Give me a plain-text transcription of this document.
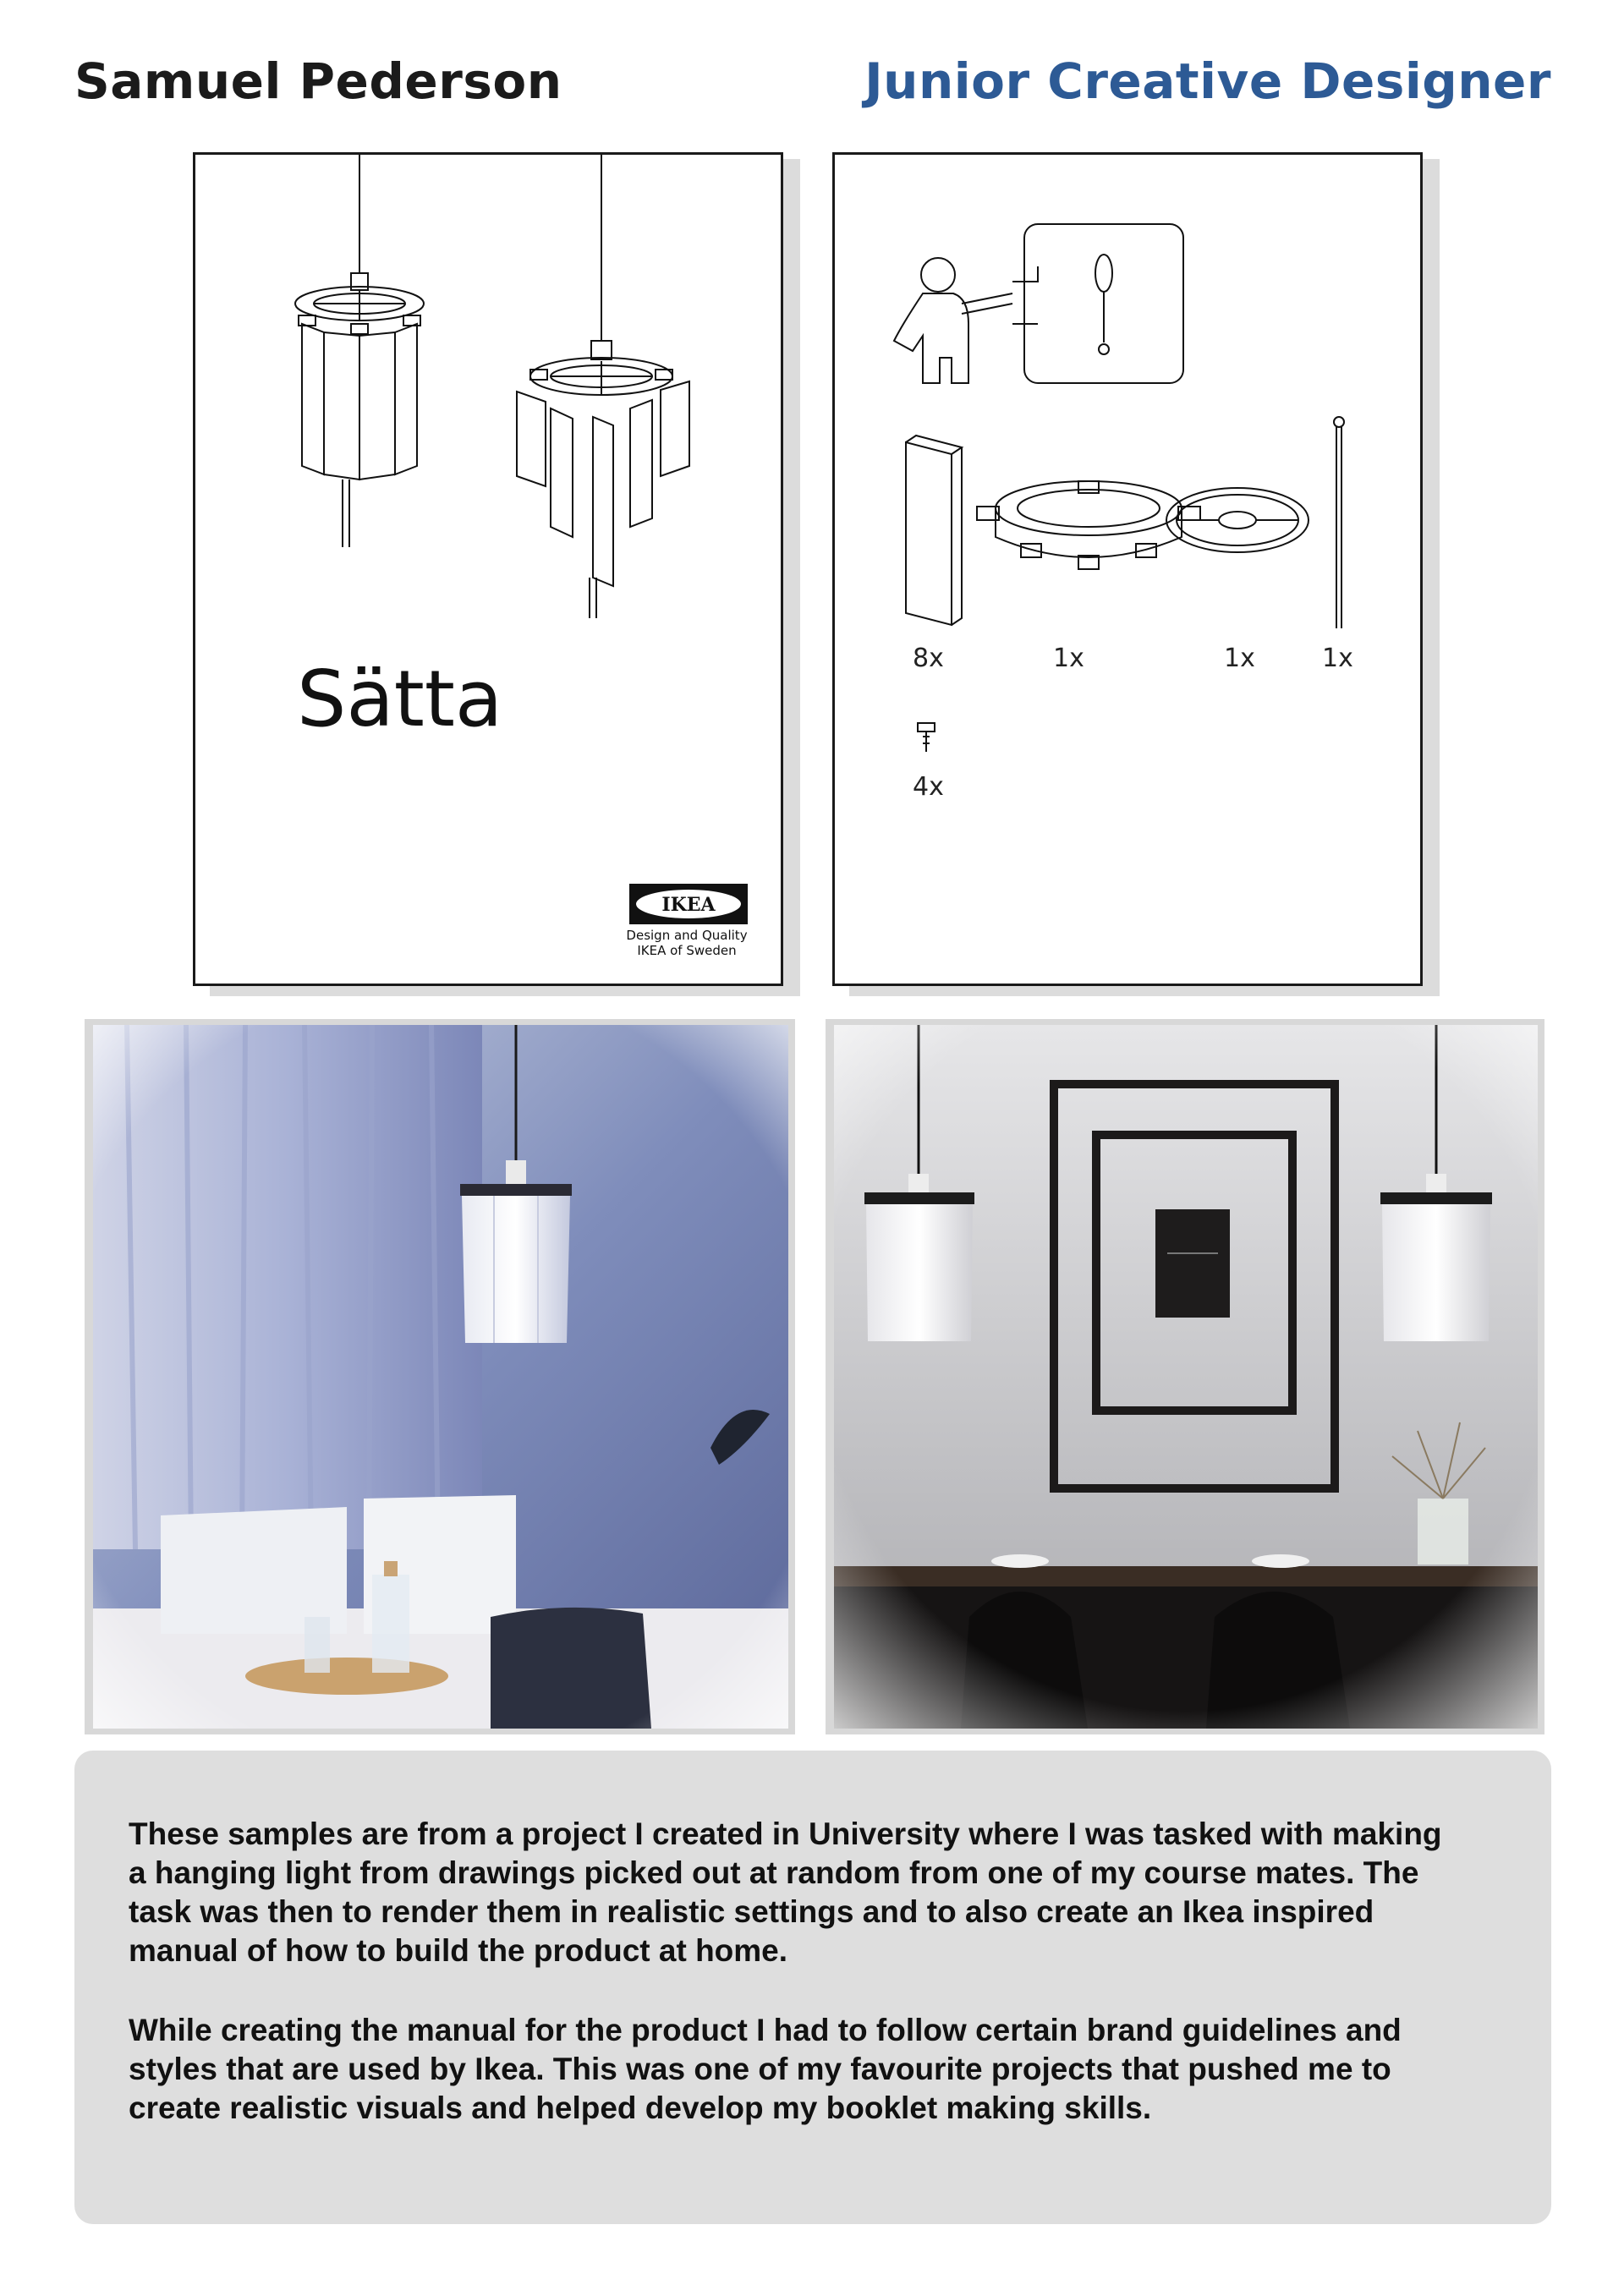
Samuel Pederson	Junior Creative Designer
Sätta
IKEA
Design and Quality
IKEA of Sweden
8x	1x	1x	1x
4x

These samples are from a project I created in University where I was tasked with making a hanging light from drawings picked out at random from one of my course mates. The task was then to render them in realistic settings and to also create an Ikea inspired manual of how to build the product at home.

While creating the manual for the product I had to follow certain brand guidelines and styles that are used by Ikea. This was one of my favourite projects that pushed me to create realistic visuals and helped develop my booklet making skills.
